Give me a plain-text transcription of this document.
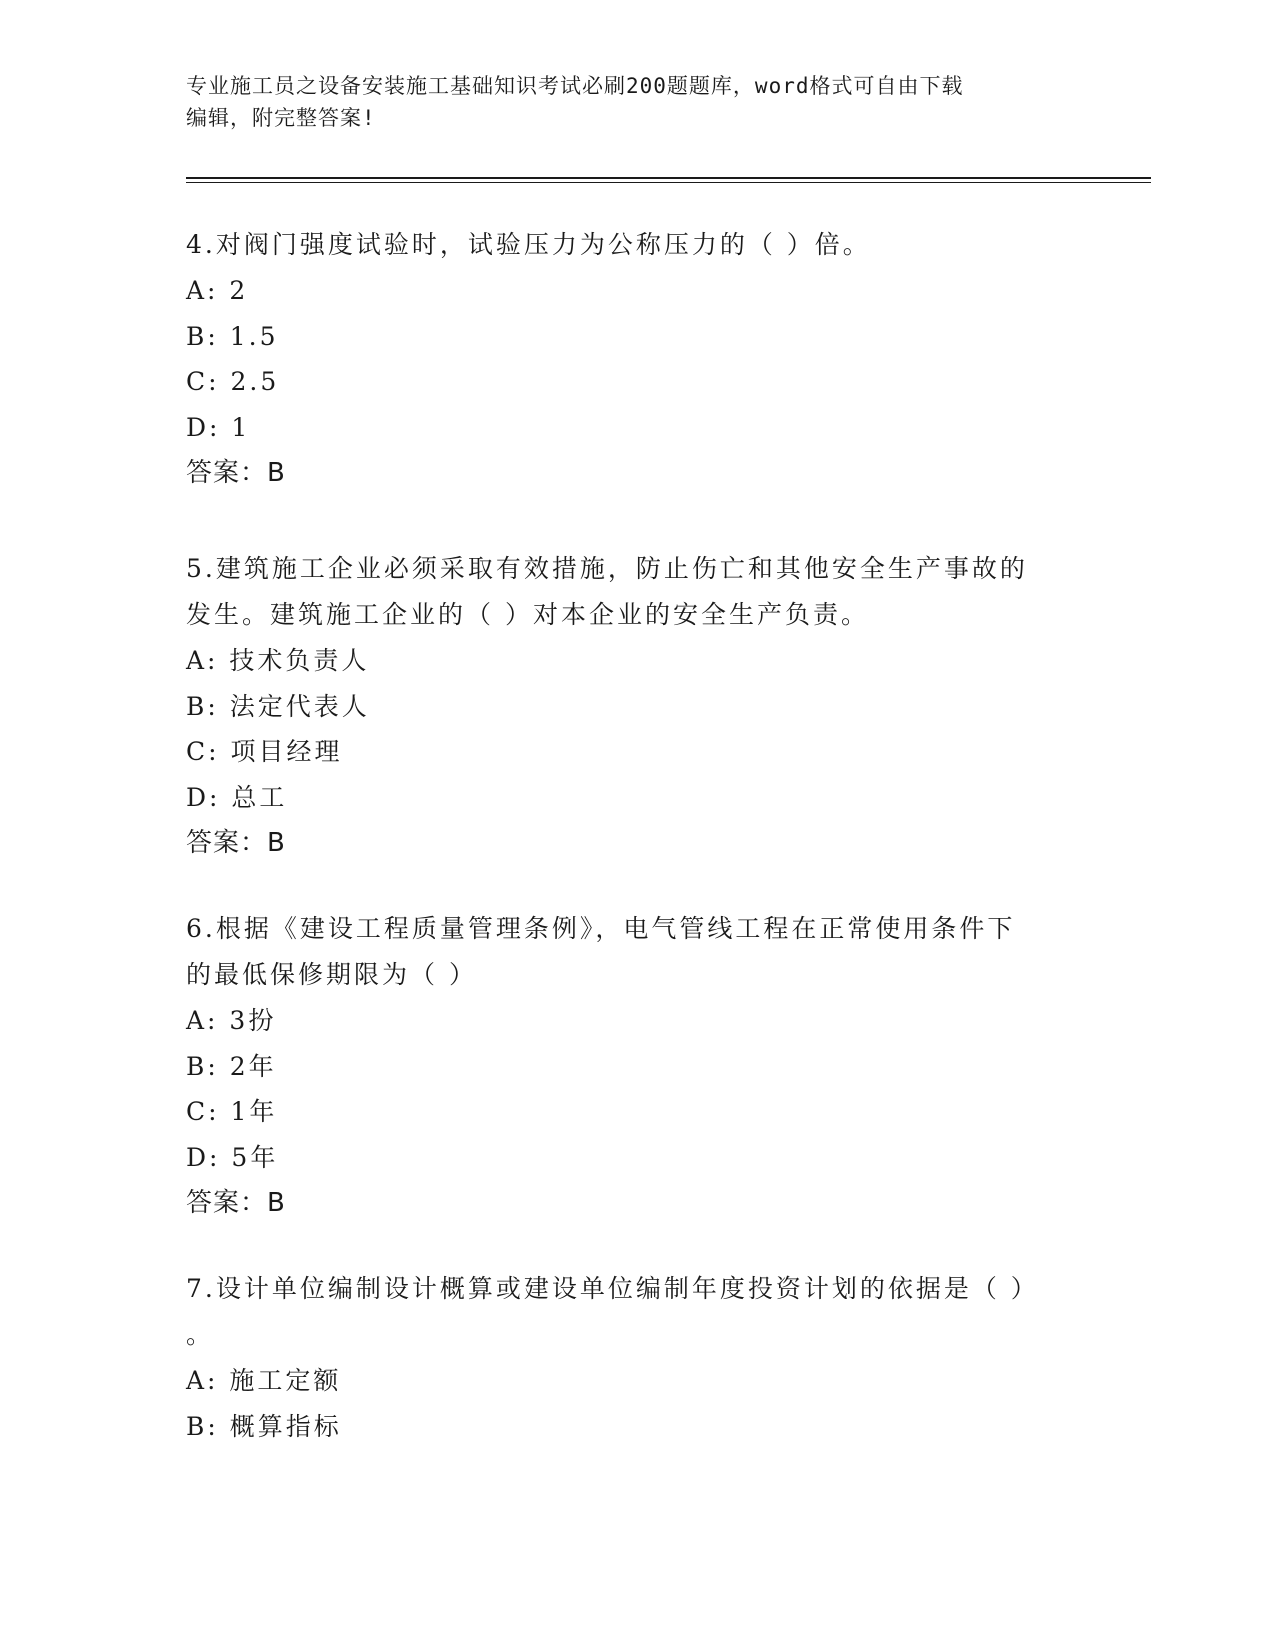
专业施工员之设备安装施工基础知识考试必刷200题题库，word格式可自由下载
编辑，附完整答案!
4.对阀门强度试验时，试验压力为公称压力的（ ）倍。
A: 2
B: 1.5
C: 2.5
D: 1
答案：B
5.建筑施工企业必须采取有效措施，防止伤亡和其他安全生产事故的
发生。建筑施工企业的（ ）对本企业的安全生产负责。
A: 技术负责人
B: 法定代表人
C: 项目经理
D: 总工
答案：B
6.根据《建设工程质量管理条例》，电气管线工程在正常使用条件下
的最低保修期限为（ ）
A: 3扮
B: 2年
C: 1年
D: 5年
答案：B
7.设计单位编制设计概算或建设单位编制年度投资计划的依据是（ ）
。
A: 施工定额
B: 概算指标
